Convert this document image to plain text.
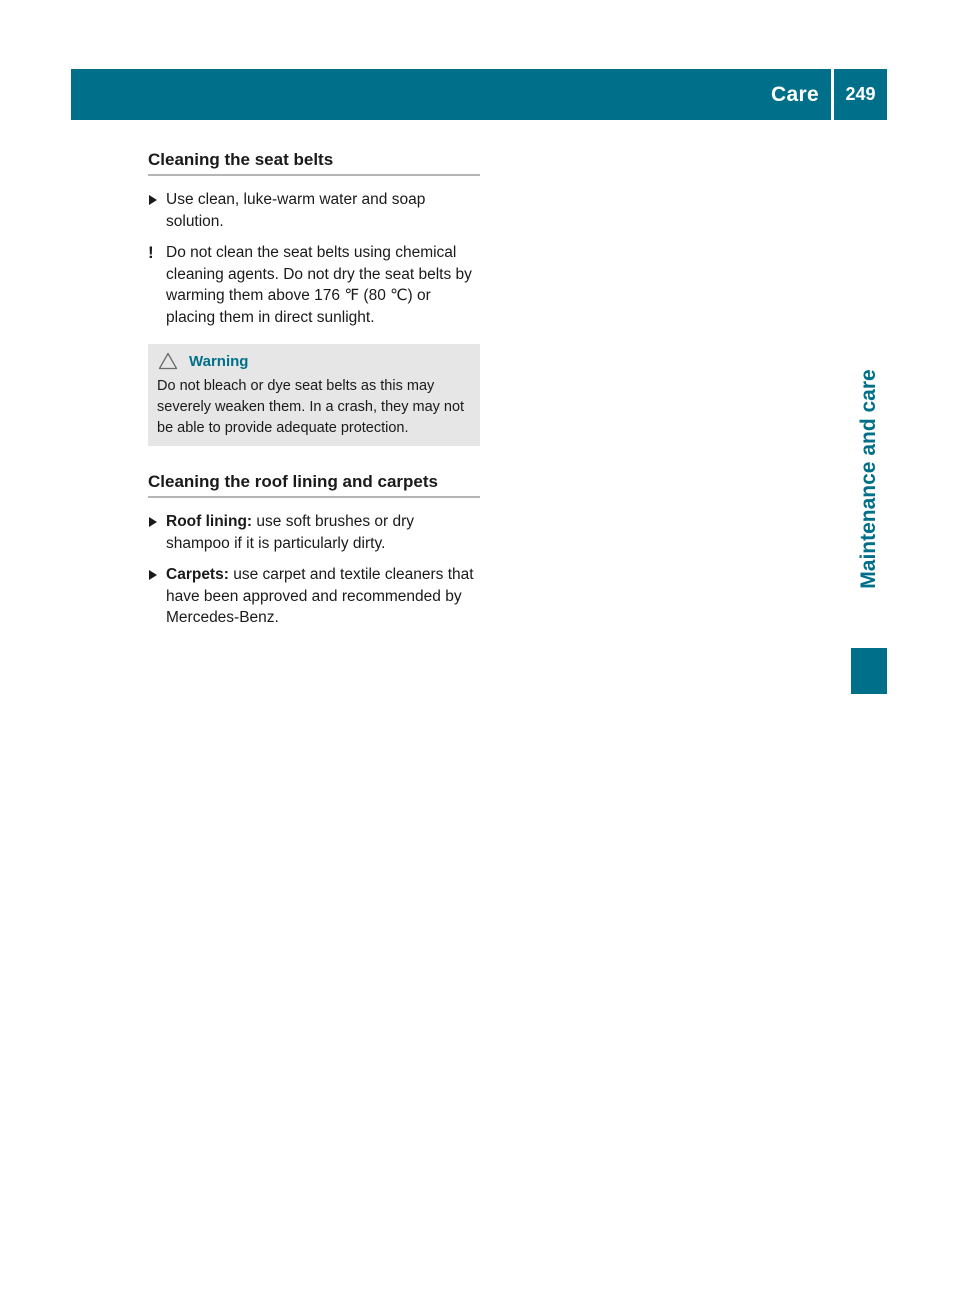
Care	249
Maintenance and care
Cleaning the seat belts
Use clean, luke-warm water and soap solution.
! Do not clean the seat belts using chemical cleaning agents. Do not dry the seat belts by warming them above 176 ℉ (80 ℃) or placing them in direct sunlight.
Warning
Do not bleach or dye seat belts as this may severely weaken them. In a crash, they may not be able to provide adequate protection.
Cleaning the roof lining and carpets
Roof lining: use soft brushes or dry shampoo if it is particularly dirty.
Carpets: use carpet and textile cleaners that have been approved and recommended by Mercedes-Benz.
